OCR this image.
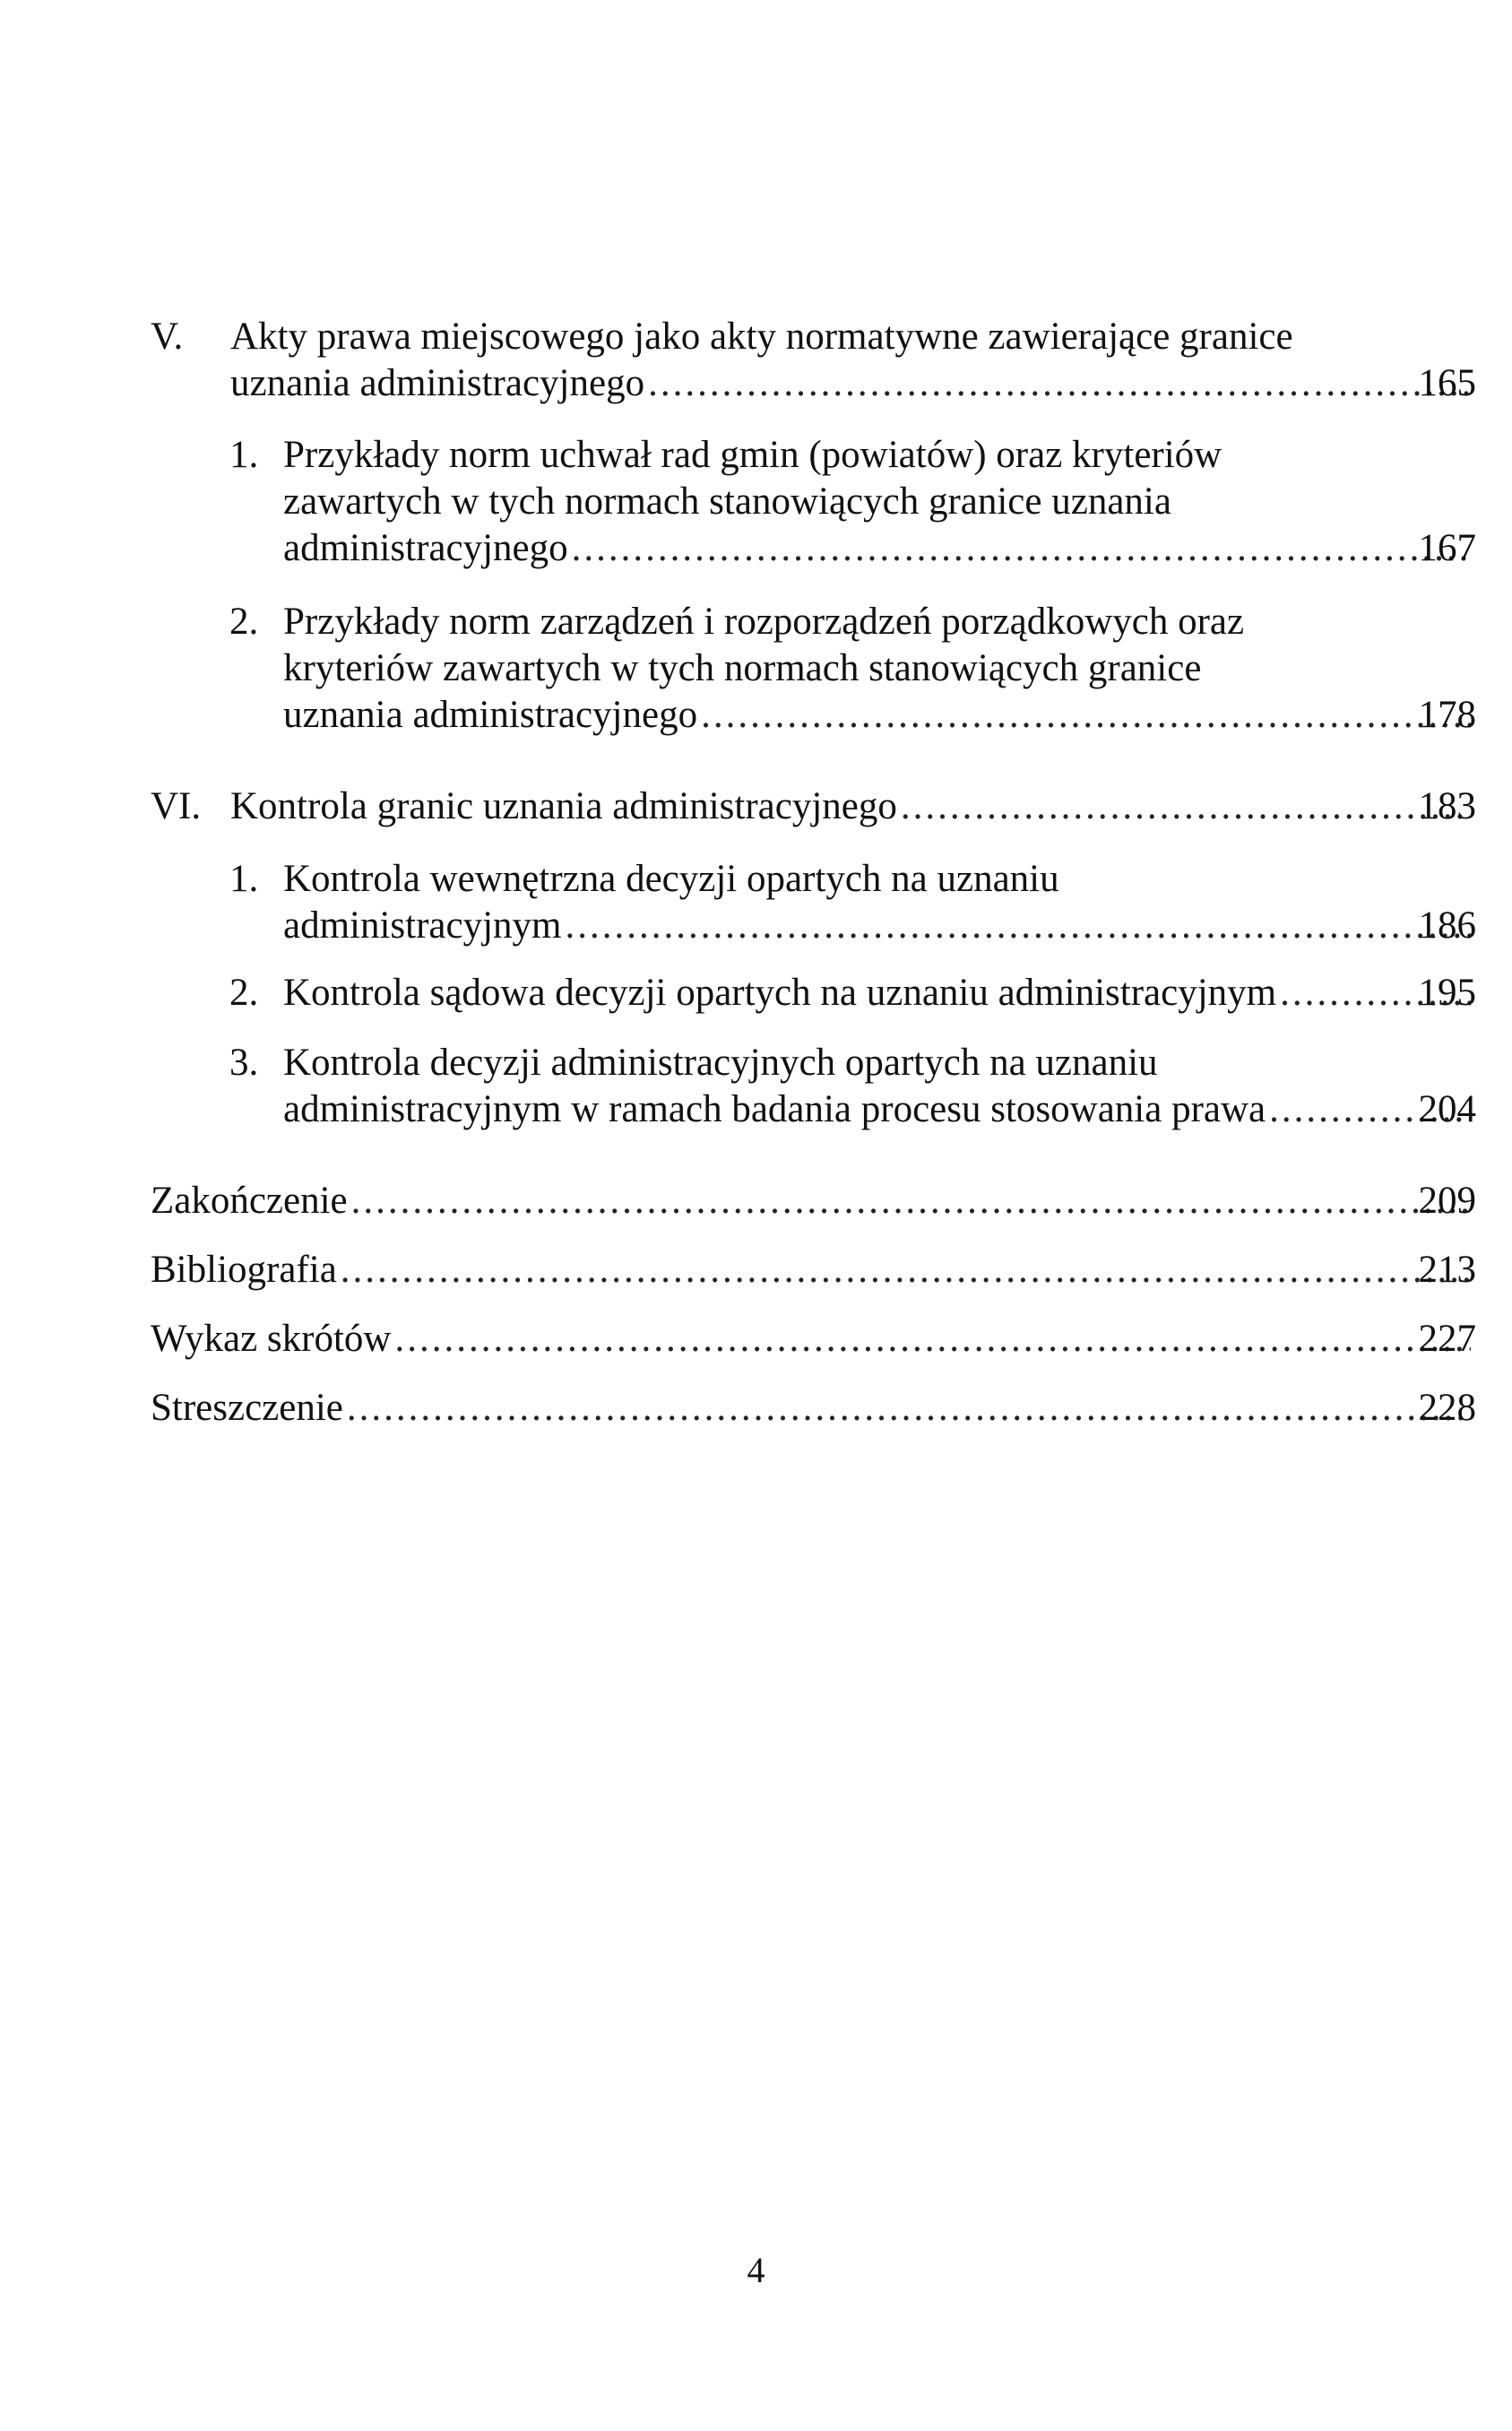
V. Akty prawa miejscowego jako akty normatywne zawierające granice
uznania administracyjnego .....	165
1. Przykłady norm uchwał rad gmin (powiatów) oraz kryteriów
zawartych w tych normach stanowiących granice uznania
administracyjnego .....	167
2. Przykłady norm zarządzeń i rozporządzeń porządkowych oraz
kryteriów zawartych w tych normach stanowiących granice
uznania administracyjnego .....	178
VI. Kontrola granic uznania administracyjnego .....	183
1. Kontrola wewnętrzna decyzji opartych na uznaniu
administracyjnym .....	186
2. Kontrola sądowa decyzji opartych na uznaniu administracyjnym .....	195
3. Kontrola decyzji administracyjnych opartych na uznaniu
administracyjnym w ramach badania procesu stosowania prawa .....	204
Zakończenie .....	209
Bibliografia .....	213
Wykaz skrótów .....	227
Streszczenie .....	228
4
